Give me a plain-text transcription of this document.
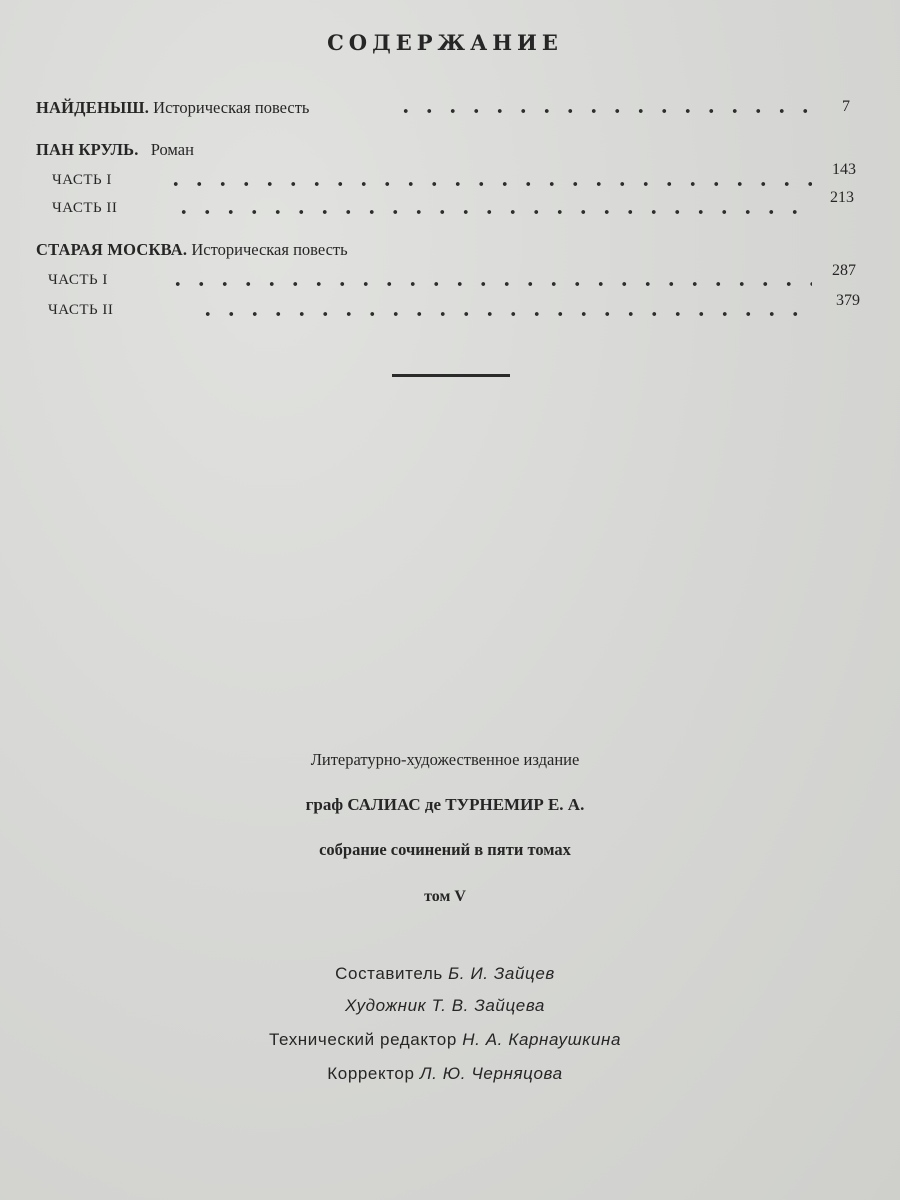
СОДЕРЖАНИЕ
НАЙДЕНЫШ. Историческая повесть	7
ПАН КРУЛЬ. Роман
ЧАСТЬ I
143
ЧАСТЬ II
213
СТАРАЯ МОСКВА. Историческая повесть
ЧАСТЬ I
287
ЧАСТЬ II
379
Литературно-художественное издание
граф САЛИАС де ТУРНЕМИР Е. А.
собрание сочинений в пяти томах
том V
Составитель Б. И. Зайцев
Художник Т. В. Зайцева
Технический редактор Н. А. Карнаушкина
Корректор Л. Ю. Черняцова
